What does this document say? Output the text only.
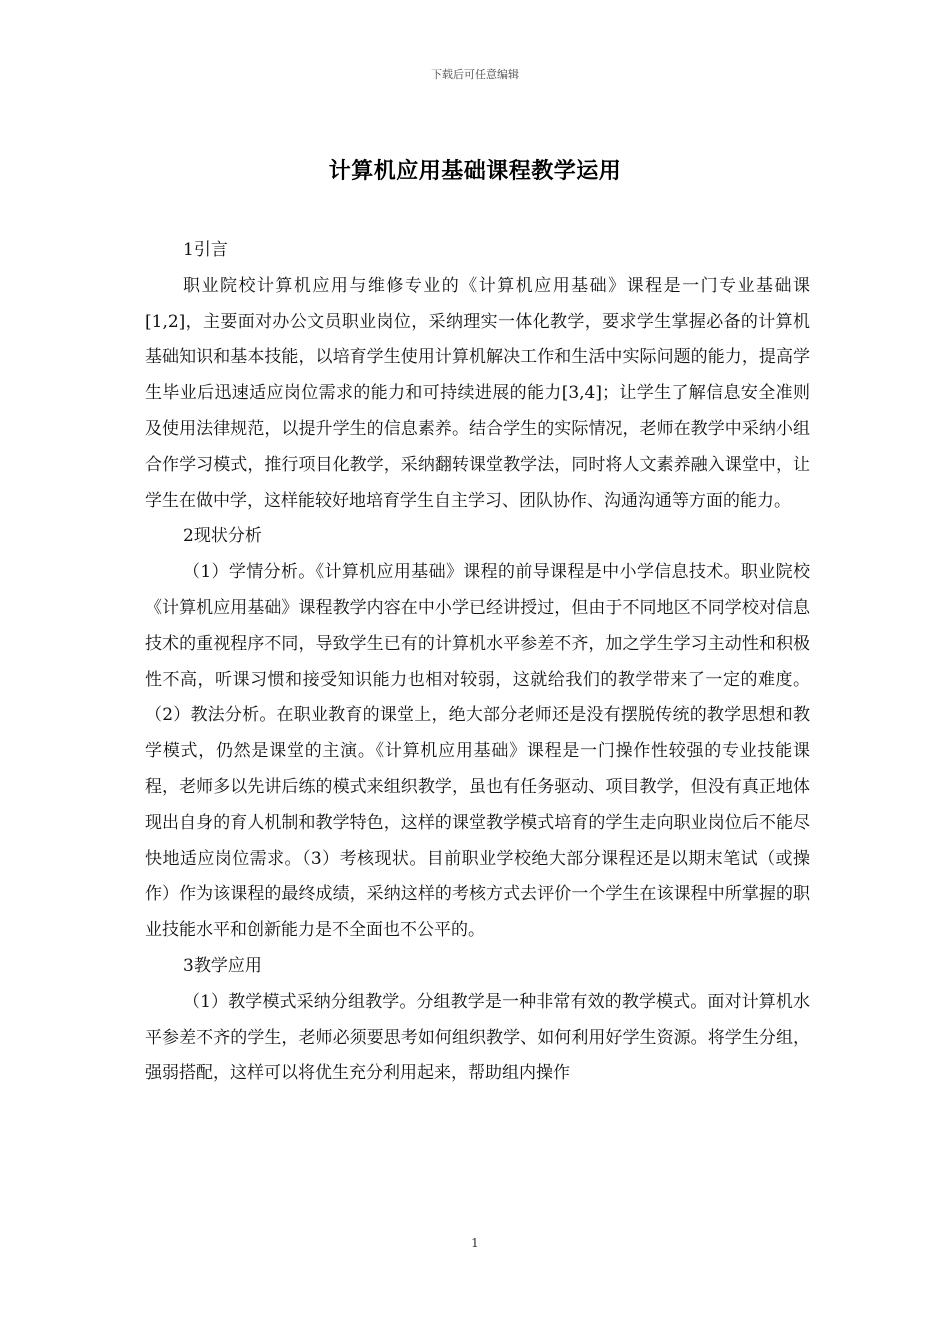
下载后可任意编辑
计算机应用基础课程教学运用

1引言

职业院校计算机应用与维修专业的《计算机应用基础》课程是一门专业基础课[1,2]，主要面对办公文员职业岗位，采纳理实一体化教学，要求学生掌握必备的计算机基础知识和基本技能，以培育学生使用计算机解决工作和生活中实际问题的能力，提高学生毕业后迅速适应岗位需求的能力和可持续进展的能力[3,4]；让学生了解信息安全准则及使用法律规范，以提升学生的信息素养。结合学生的实际情况，老师在教学中采纳小组合作学习模式，推行项目化教学，采纳翻转课堂教学法，同时将人文素养融入课堂中，让学生在做中学，这样能较好地培育学生自主学习、团队协作、沟通沟通等方面的能力。

2现状分析

（1）学情分析。《计算机应用基础》课程的前导课程是中小学信息技术。职业院校《计算机应用基础》课程教学内容在中小学已经讲授过，但由于不同地区不同学校对信息技术的重视程序不同，导致学生已有的计算机水平参差不齐，加之学生学习主动性和积极性不高，听课习惯和接受知识能力也相对较弱，这就给我们的教学带来了一定的难度。（2）教法分析。在职业教育的课堂上，绝大部分老师还是没有摆脱传统的教学思想和教学模式，仍然是课堂的主演。《计算机应用基础》课程是一门操作性较强的专业技能课程，老师多以先讲后练的模式来组织教学，虽也有任务驱动、项目教学，但没有真正地体现出自身的育人机制和教学特色，这样的课堂教学模式培育的学生走向职业岗位后不能尽快地适应岗位需求。（3）考核现状。目前职业学校绝大部分课程还是以期末笔试（或操作）作为该课程的最终成绩，采纳这样的考核方式去评价一个学生在该课程中所掌握的职业技能水平和创新能力是不全面也不公平的。

3教学应用

（1）教学模式采纳分组教学。分组教学是一种非常有效的教学模式。面对计算机水平参差不齐的学生，老师必须要思考如何组织教学、如何利用好学生资源。将学生分组，强弱搭配，这样可以将优生充分利用起来，帮助组内操作

1
